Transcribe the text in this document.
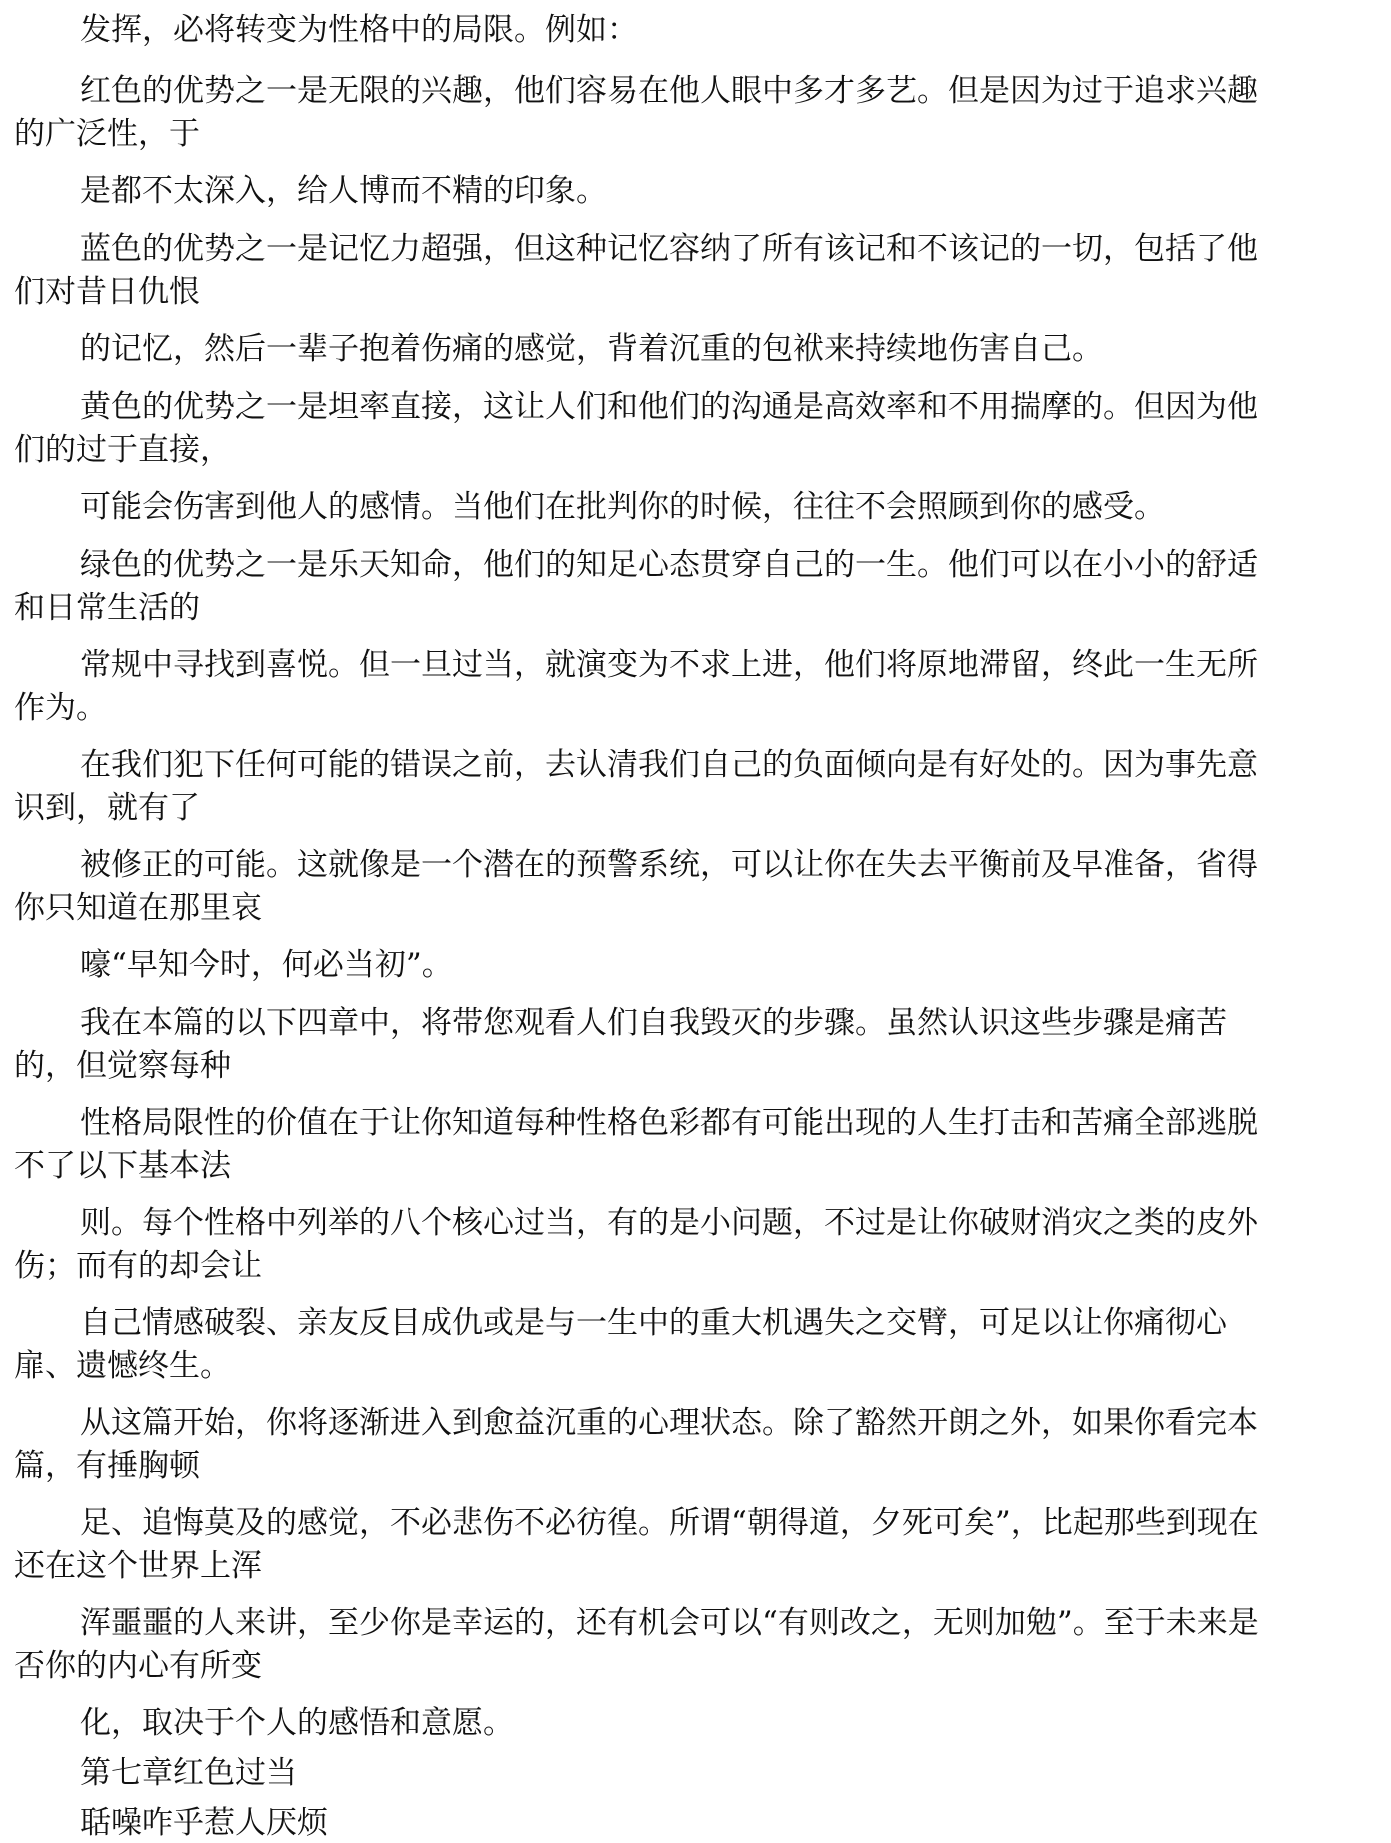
发挥，必将转变为性格中的局限。例如：
红色的优势之一是无限的兴趣，他们容易在他人眼中多才多艺。但是因为过于追求兴趣
的广泛性，于
是都不太深入，给人博而不精的印象。
蓝色的优势之一是记忆力超强，但这种记忆容纳了所有该记和不该记的一切，包括了他
们对昔日仇恨
的记忆，然后一辈子抱着伤痛的感觉，背着沉重的包袱来持续地伤害自己。
黄色的优势之一是坦率直接，这让人们和他们的沟通是高效率和不用揣摩的。但因为他
们的过于直接，
可能会伤害到他人的感情。当他们在批判你的时候，往往不会照顾到你的感受。
绿色的优势之一是乐天知命，他们的知足心态贯穿自己的一生。他们可以在小小的舒适
和日常生活的
常规中寻找到喜悦。但一旦过当，就演变为不求上进，他们将原地滞留，终此一生无所
作为。
在我们犯下任何可能的错误之前，去认清我们自己的负面倾向是有好处的。因为事先意
识到，就有了
被修正的可能。这就像是一个潜在的预警系统，可以让你在失去平衡前及早准备，省得
你只知道在那里哀
嚎“早知今时，何必当初”。
我在本篇的以下四章中，将带您观看人们自我毁灭的步骤。虽然认识这些步骤是痛苦
的，但觉察每种
性格局限性的价值在于让你知道每种性格色彩都有可能出现的人生打击和苦痛全部逃脱
不了以下基本法
则。每个性格中列举的八个核心过当，有的是小问题，不过是让你破财消灾之类的皮外
伤；而有的却会让
自己情感破裂、亲友反目成仇或是与一生中的重大机遇失之交臂，可足以让你痛彻心
扉、遗憾终生。
从这篇开始，你将逐渐进入到愈益沉重的心理状态。除了豁然开朗之外，如果你看完本
篇，有捶胸顿
足、追悔莫及的感觉，不必悲伤不必彷徨。所谓“朝得道，夕死可矣”，比起那些到现在
还在这个世界上浑
浑噩噩的人来讲，至少你是幸运的，还有机会可以“有则改之，无则加勉”。至于未来是
否你的内心有所变
化，取决于个人的感悟和意愿。
第七章红色过当
聒噪咋乎惹人厌烦
